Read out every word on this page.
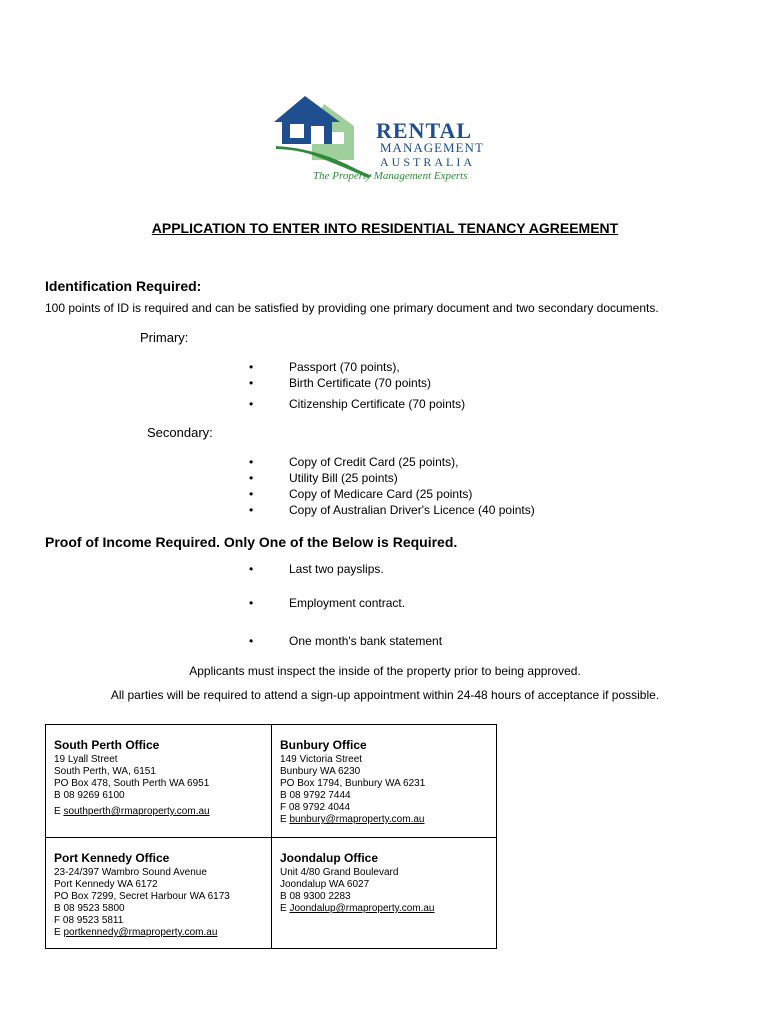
RENTAL
MANAGEMENT
AUSTRALIA
The Property Management Experts
APPLICATION TO ENTER INTO RESIDENTIAL TENANCY AGREEMENT
Identification Required:
100 points of ID is required and can be satisfied by providing one primary document and two secondary documents.
Primary:
•	Passport (70 points),
•	Birth Certificate (70 points)
•	Citizenship Certificate (70 points)
Secondary:
•	Copy of Credit Card (25 points),
•	Utility Bill (25 points)
•	Copy of Medicare Card (25 points)
•	Copy of Australian Driver's Licence (40 points)
Proof of Income Required. Only One of the Below is Required.
•	Last two payslips.
•	Employment contract.
•	One month's bank statement
Applicants must inspect the inside of the property prior to being approved.
All parties will be required to attend a sign-up appointment within 24-48 hours of acceptance if possible.
South Perth Office
19 Lyall Street
South Perth, WA, 6151
PO Box 478, South Perth WA 6951
B 08 9269 6100
E southperth@rmaproperty.com.au
Bunbury Office
149 Victoria Street
Bunbury WA 6230
PO Box 1794, Bunbury WA 6231
B 08 9792 7444
F 08 9792 4044
E bunbury@rmaproperty.com.au
Port Kennedy Office
23-24/397 Wambro Sound Avenue
Port Kennedy WA 6172
PO Box 7299, Secret Harbour WA 6173
B 08 9523 5800
F 08 9523 5811
E portkennedy@rmaproperty.com.au
Joondalup Office
Unit 4/80 Grand Boulevard
Joondalup WA 6027
B 08 9300 2283
E Joondalup@rmaproperty.com.au
